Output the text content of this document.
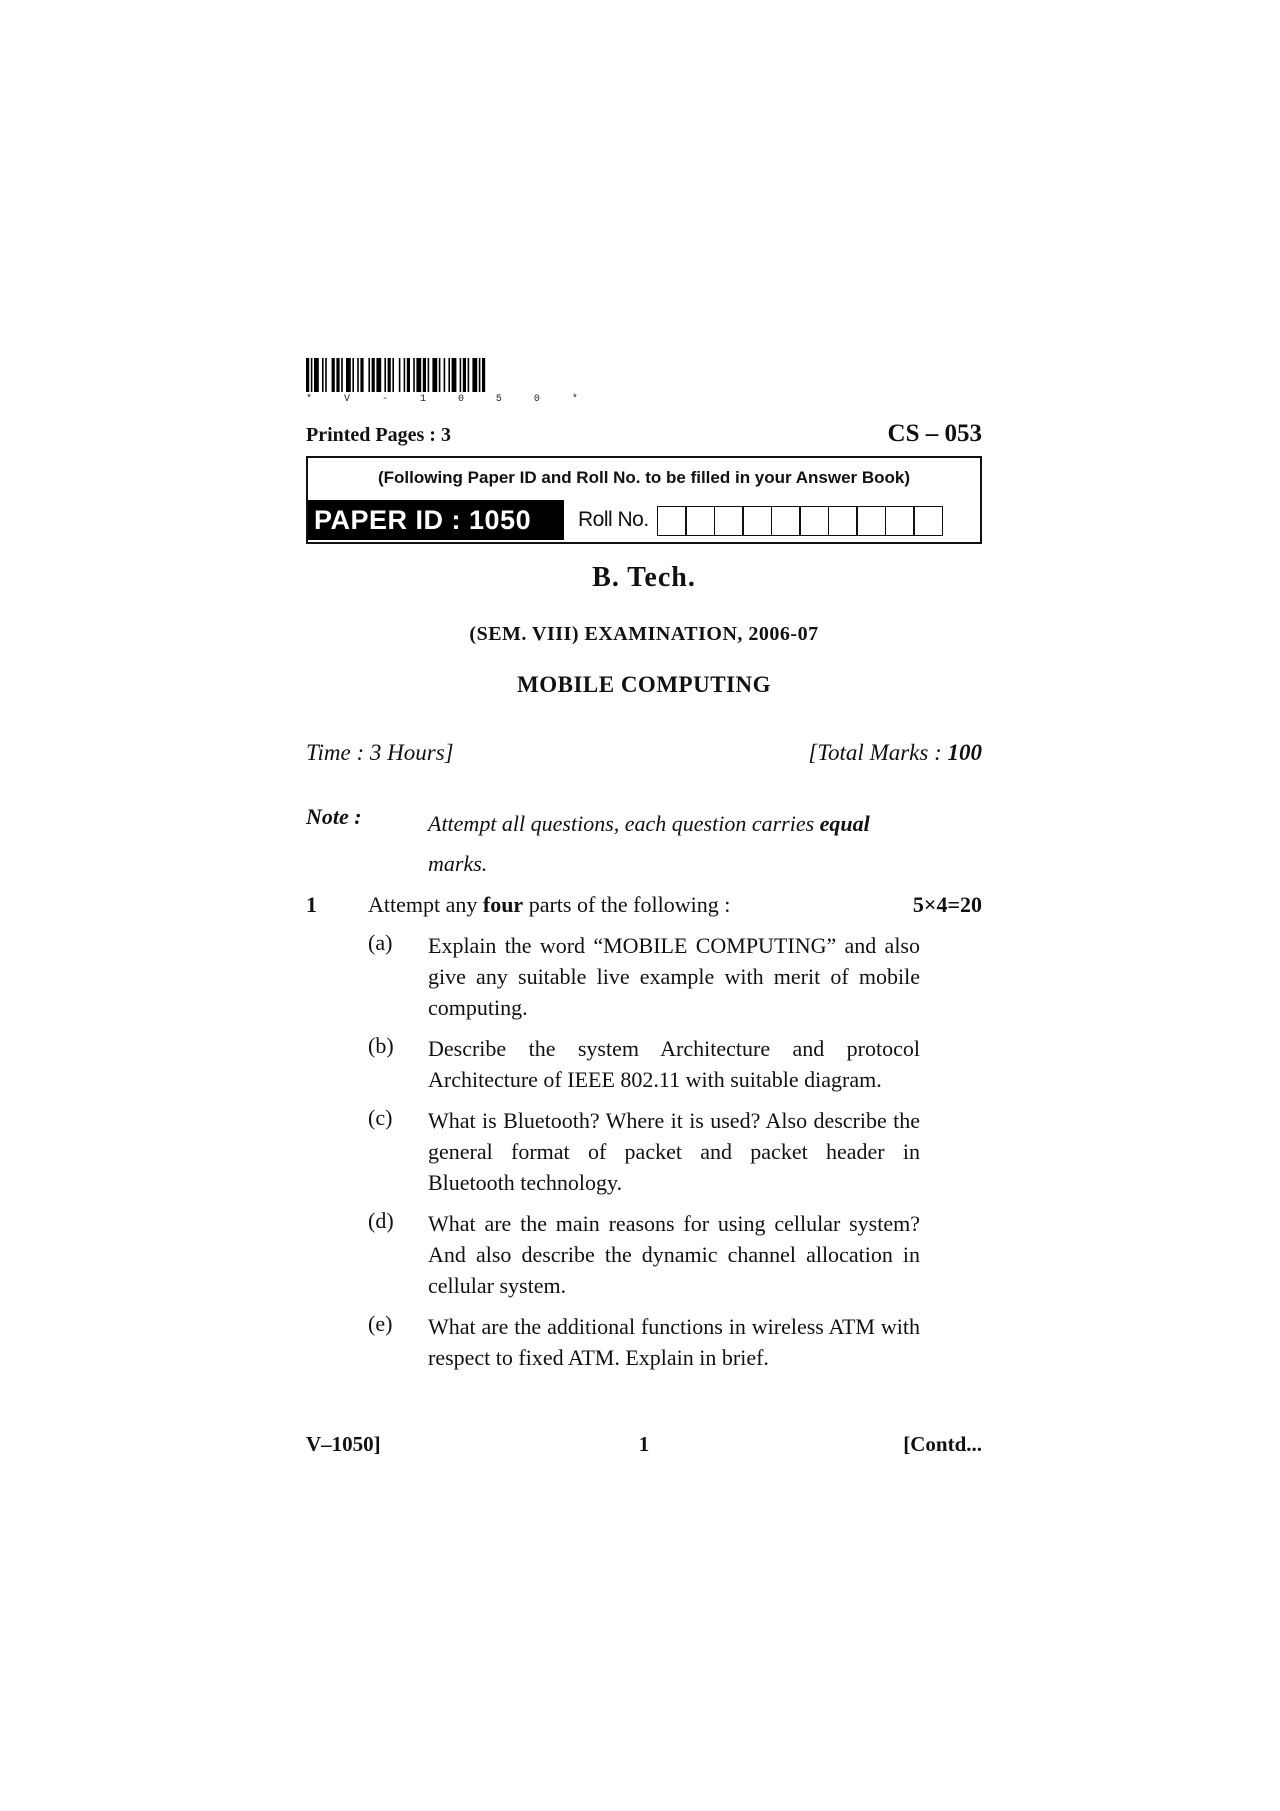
*	V	-	1	0	5	0	*
Printed Pages : 3	CS – 053
(Following Paper ID and Roll No. to be filled in your Answer Book)
PAPER ID : 1050	Roll No.
B. Tech.
(SEM. VIII) EXAMINATION, 2006-07
MOBILE COMPUTING
Time : 3 Hours]	[Total Marks : 100
Note :	Attempt all questions, each question carries equal
marks.
1 Attempt any four parts of the following :	5×4=20
(a) Explain the word “MOBILE COMPUTING” and also give any suitable live example with merit of mobile computing.
(b) Describe the system Architecture and protocol Architecture of IEEE 802.11 with suitable diagram.
(c) What is Bluetooth? Where it is used? Also describe the general format of packet and packet header in Bluetooth technology.
(d) What are the main reasons for using cellular system? And also describe the dynamic channel allocation in cellular system.
(e) What are the additional functions in wireless ATM with respect to fixed ATM. Explain in brief.
V–1050]	1	[Contd...
